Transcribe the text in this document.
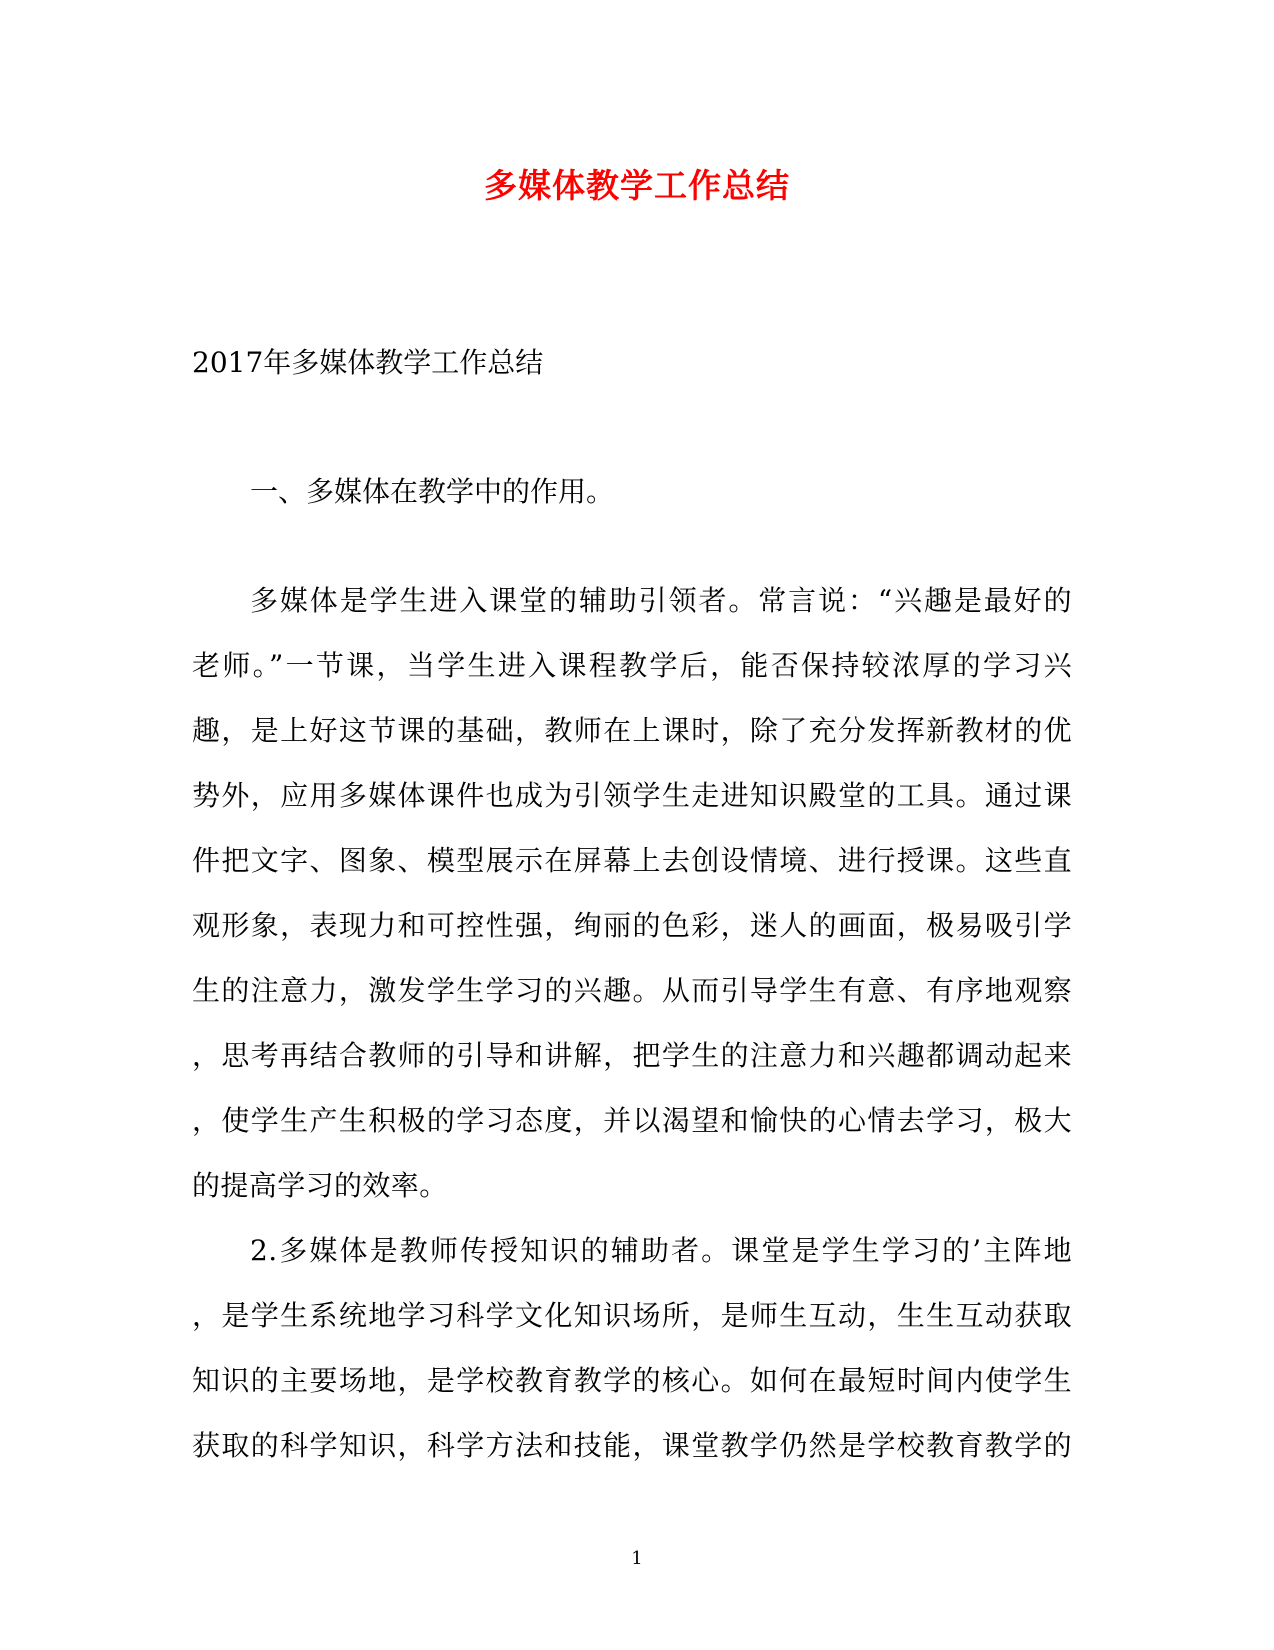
多媒体教学工作总结

2017年多媒体教学工作总结

一、多媒体在教学中的作用。

多媒体是学生进入课堂的辅助引领者。常言说：“兴趣是最好的
老师。”一节课，当学生进入课程教学后，能否保持较浓厚的学习兴
趣，是上好这节课的基础，教师在上课时，除了充分发挥新教材的优
势外，应用多媒体课件也成为引领学生走进知识殿堂的工具。通过课
件把文字、图象、模型展示在屏幕上去创设情境、进行授课。这些直
观形象，表现力和可控性强，绚丽的色彩，迷人的画面，极易吸引学
生的注意力，激发学生学习的兴趣。从而引导学生有意、有序地观察
，思考再结合教师的引导和讲解，把学生的注意力和兴趣都调动起来
，使学生产生积极的学习态度，并以渴望和愉快的心情去学习，极大
的提高学习的效率。
2.多媒体是教师传授知识的辅助者。课堂是学生学习的’主阵地
，是学生系统地学习科学文化知识场所，是师生互动，生生互动获取
知识的主要场地，是学校教育教学的核心。如何在最短时间内使学生
获取的科学知识，科学方法和技能，课堂教学仍然是学校教育教学的

1
